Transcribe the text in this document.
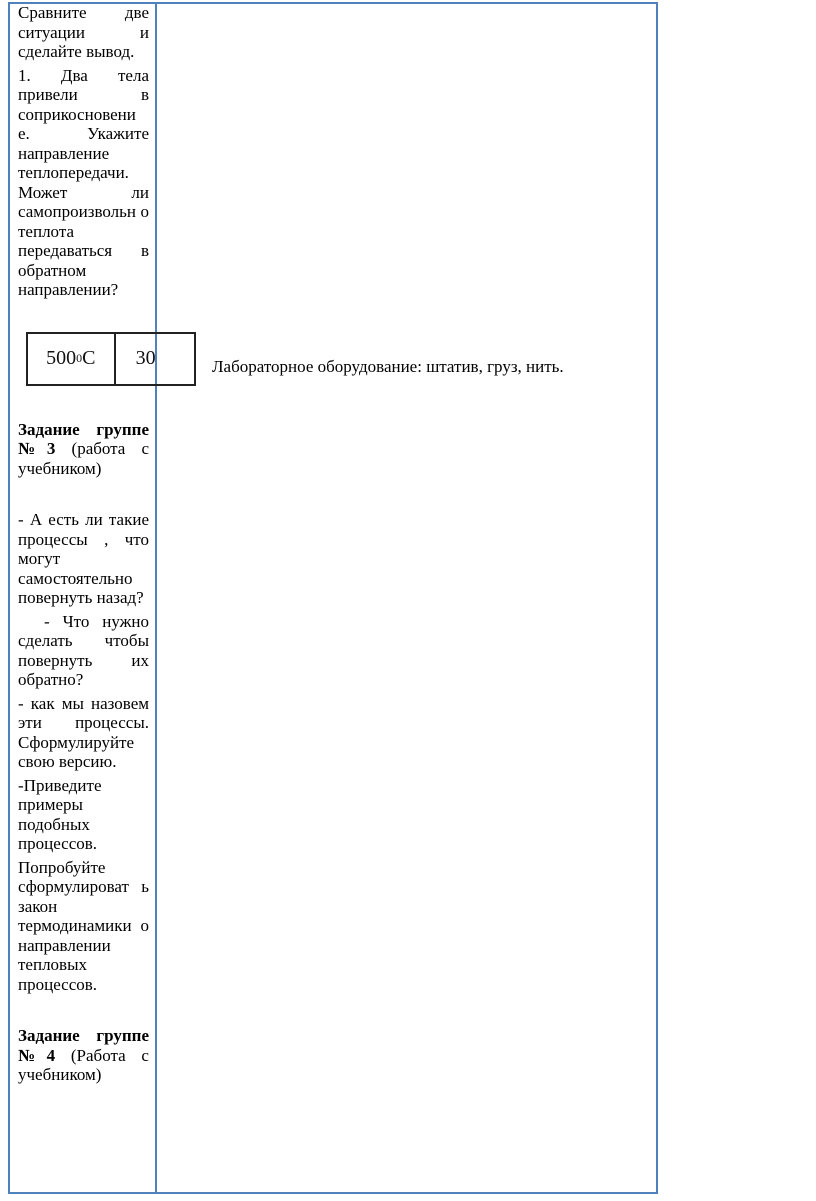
Сравните две ситуации и сделайте вывод.

1. Два тела привели в соприкосновени е. Укажите направление теплопередачи. Может ли самопроизвольн о теплота передаваться в обратном направлении?

500 0 С 30

Задание группе №3 (работа с учебником)

- А есть ли такие процессы , что могут самостоятельно повернуть назад?

- Что нужно сделать чтобы повернуть их обратно?

- как мы назовем эти процессы. Сформулируйте свою версию.

-Приведите примеры подобных процессов.

Попробуйте сформулироват ь закон термодинамики о направлении тепловых процессов.

Задание группе №4 (Работа с учебником)

Лабораторное оборудование: штатив, груз, нить.
